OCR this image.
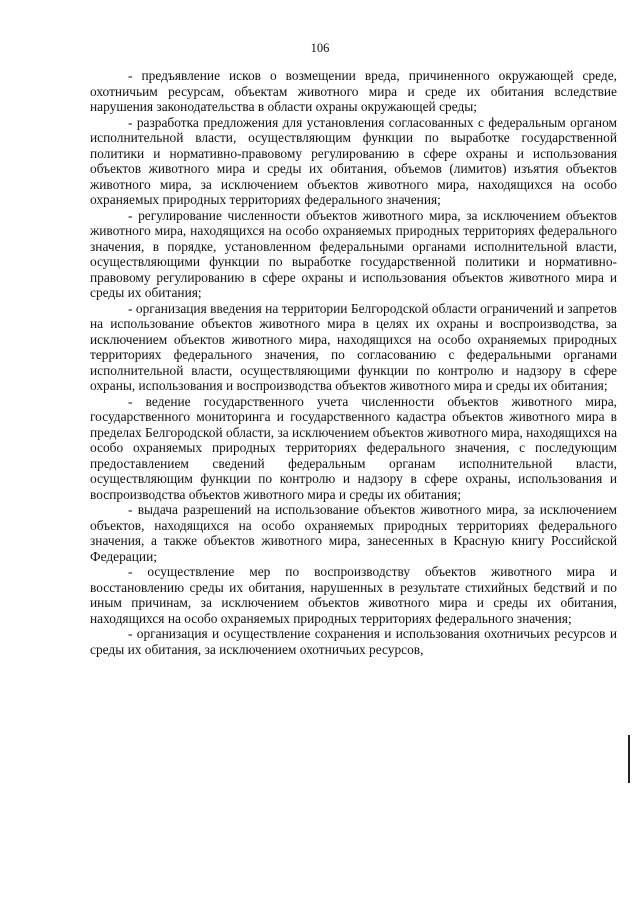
106

- предъявление исков о возмещении вреда, причиненного окружающей среде, охотничьим ресурсам, объектам животного мира и среде их обитания вследствие нарушения законодательства в области охраны окружающей среды;

- разработка предложения для установления согласованных с федеральным органом исполнительной власти, осуществляющим функции по выработке государственной политики и нормативно-правовому регулированию в сфере охраны и использования объектов животного мира и среды их обитания, объемов (лимитов) изъятия объектов животного мира, за исключением объектов животного мира, находящихся на особо охраняемых природных территориях федерального значения;

- регулирование численности объектов животного мира, за исключением объектов животного мира, находящихся на особо охраняемых природных территориях федерального значения, в порядке, установленном федеральными органами исполнительной власти, осуществляющими функции по выработке государственной политики и нормативно-правовому регулированию в сфере охраны и использования объектов животного мира и среды их обитания;

- организация введения на территории Белгородской области ограничений и запретов на использование объектов животного мира в целях их охраны и воспроизводства, за исключением объектов животного мира, находящихся на особо охраняемых природных территориях федерального значения, по согласованию с федеральными органами исполнительной власти, осуществляющими функции по контролю и надзору в сфере охраны, использования и воспроизводства объектов животного мира и среды их обитания;

- ведение государственного учета численности объектов животного мира, государственного мониторинга и государственного кадастра объектов животного мира в пределах Белгородской области, за исключением объектов животного мира, находящихся на особо охраняемых природных территориях федерального значения, с последующим предоставлением сведений федеральным органам исполнительной власти, осуществляющим функции по контролю и надзору в сфере охраны, использования и воспроизводства объектов животного мира и среды их обитания;

- выдача разрешений на использование объектов животного мира, за исключением объектов, находящихся на особо охраняемых природных территориях федерального значения, а также объектов животного мира, занесенных в Красную книгу Российской Федерации;

- осуществление мер по воспроизводству объектов животного мира и восстановлению среды их обитания, нарушенных в результате стихийных бедствий и по иным причинам, за исключением объектов животного мира и среды их обитания, находящихся на особо охраняемых природных территориях федерального значения;

- организация и осуществление сохранения и использования охотничьих ресурсов и среды их обитания, за исключением охотничьих ресурсов,
